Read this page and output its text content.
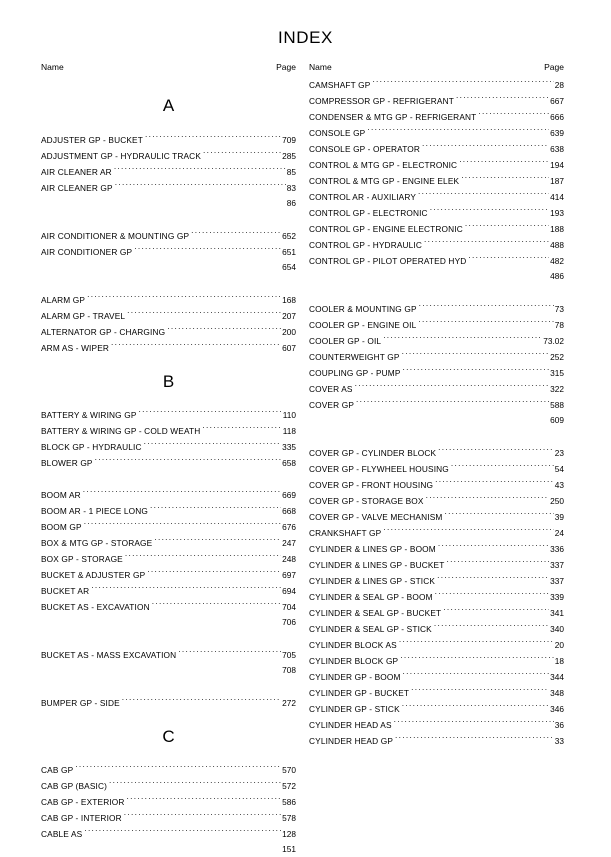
INDEX
Name	Page
A
ADJUSTER GP - BUCKET . . .	709
ADJUSTMENT GP - HYDRAULIC TRACK . . .	285
AIR CLEANER AR . . .	85
AIR CLEANER GP . . .	83
86
AIR CONDITIONER & MOUNTING GP . . .	652
AIR CONDITIONER GP . . .	651
654
ALARM GP . . .	168
ALARM GP - TRAVEL . . .	207
ALTERNATOR GP - CHARGING . . .	200
ARM AS - WIPER . . .	607
B
BATTERY & WIRING GP . . .	110
BATTERY & WIRING GP - COLD WEATH . . .	118
BLOCK GP - HYDRAULIC . . .	335
BLOWER GP . . .	658
BOOM AR . . .	669
BOOM AR - 1 PIECE LONG . . .	668
BOOM GP . . .	676
BOX & MTG GP - STORAGE . . .	247
BOX GP - STORAGE . . .	248
BUCKET & ADJUSTER GP . . .	697
BUCKET AR . . .	694
BUCKET AS - EXCAVATION . . .	704
706
BUCKET AS - MASS EXCAVATION . . .	705
708
BUMPER GP - SIDE . . .	272
C
CAB GP . . .	570
CAB GP (BASIC) . . .	572
CAB GP - EXTERIOR . . .	586
CAB GP - INTERIOR . . .	578
CABLE AS . . .	128
151
Name	Page
CAMSHAFT GP . . .	28
COMPRESSOR GP - REFRIGERANT . . .	667
CONDENSER & MTG GP - REFRIGERANT . . .	666
CONSOLE GP . . .	639
CONSOLE GP - OPERATOR . . .	638
CONTROL & MTG GP - ELECTRONIC . . .	194
CONTROL & MTG GP - ENGINE ELEK . . .	187
CONTROL AR - AUXILIARY . . .	414
CONTROL GP - ELECTRONIC . . .	193
CONTROL GP - ENGINE ELECTRONIC . . .	188
CONTROL GP - HYDRAULIC . . .	488
CONTROL GP - PILOT OPERATED HYD . . .	482
486
COOLER & MOUNTING GP . . .	73
COOLER GP - ENGINE OIL . . .	78
COOLER GP - OIL . . .	73.02
COUNTERWEIGHT GP . . .	252
COUPLING GP - PUMP . . .	315
COVER AS . . .	322
COVER GP . . .	588
609
COVER GP - CYLINDER BLOCK . . .	23
COVER GP - FLYWHEEL HOUSING . . .	54
COVER GP - FRONT HOUSING . . .	43
COVER GP - STORAGE BOX . . .	250
COVER GP - VALVE MECHANISM . . .	39
CRANKSHAFT GP . . .	24
CYLINDER & LINES GP - BOOM . . .	336
CYLINDER & LINES GP - BUCKET . . .	337
CYLINDER & LINES GP - STICK . . .	337
CYLINDER & SEAL GP - BOOM . . .	339
CYLINDER & SEAL GP - BUCKET . . .	341
CYLINDER & SEAL GP - STICK . . .	340
CYLINDER BLOCK AS . . .	20
CYLINDER BLOCK GP . . .	18
CYLINDER GP - BOOM . . .	344
CYLINDER GP - BUCKET . . .	348
CYLINDER GP - STICK . . .	346
CYLINDER HEAD AS . . .	36
CYLINDER HEAD GP . . .	33
